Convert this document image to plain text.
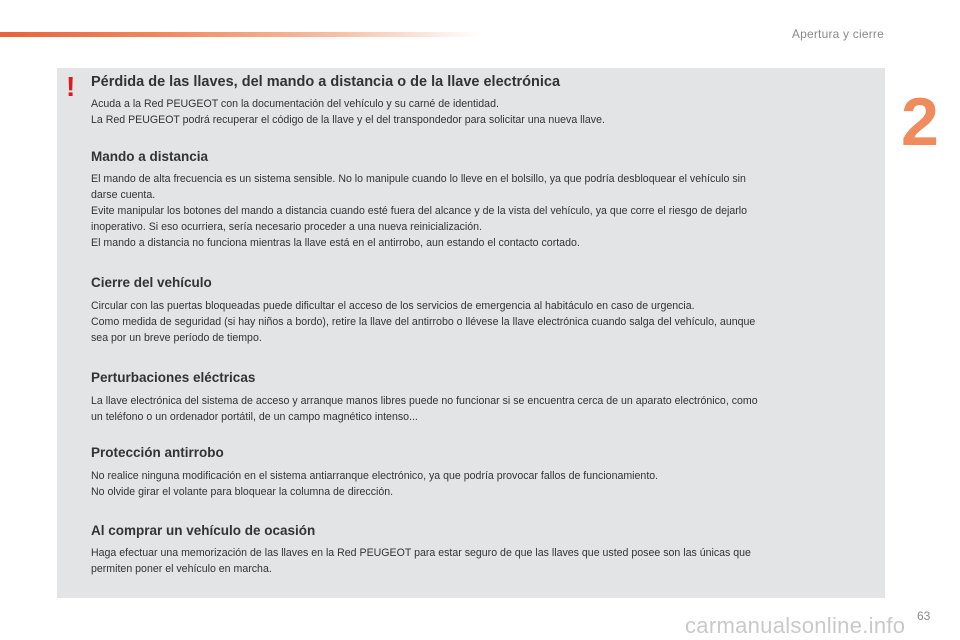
Apertura y cierre
2
! Pérdida de las llaves, del mando a distancia o de la llave electrónica
Acuda a la Red PEUGEOT con la documentación del vehículo y su carné de identidad.
La Red PEUGEOT podrá recuperar el código de la llave y el del transpondedor para solicitar una nueva llave.
Mando a distancia
El mando de alta frecuencia es un sistema sensible. No lo manipule cuando lo lleve en el bolsillo, ya que podría desbloquear el vehículo sin
darse cuenta.
Evite manipular los botones del mando a distancia cuando esté fuera del alcance y de la vista del vehículo, ya que corre el riesgo de dejarlo
inoperativo. Si eso ocurriera, sería necesario proceder a una nueva reinicialización.
El mando a distancia no funciona mientras la llave está en el antirrobo, aun estando el contacto cortado.
Cierre del vehículo
Circular con las puertas bloqueadas puede dificultar el acceso de los servicios de emergencia al habitáculo en caso de urgencia.
Como medida de seguridad (si hay niños a bordo), retire la llave del antirrobo o llévese la llave electrónica cuando salga del vehículo, aunque
sea por un breve período de tiempo.
Perturbaciones eléctricas
La llave electrónica del sistema de acceso y arranque manos libres puede no funcionar si se encuentra cerca de un aparato electrónico, como
un teléfono o un ordenador portátil, de un campo magnético intenso...
Protección antirrobo
No realice ninguna modificación en el sistema antiarranque electrónico, ya que podría provocar fallos de funcionamiento.
No olvide girar el volante para bloquear la columna de dirección.
Al comprar un vehículo de ocasión
Haga efectuar una memorización de las llaves en la Red PEUGEOT para estar seguro de que las llaves que usted posee son las únicas que
permiten poner el vehículo en marcha.
carmanualsonline.info 63
